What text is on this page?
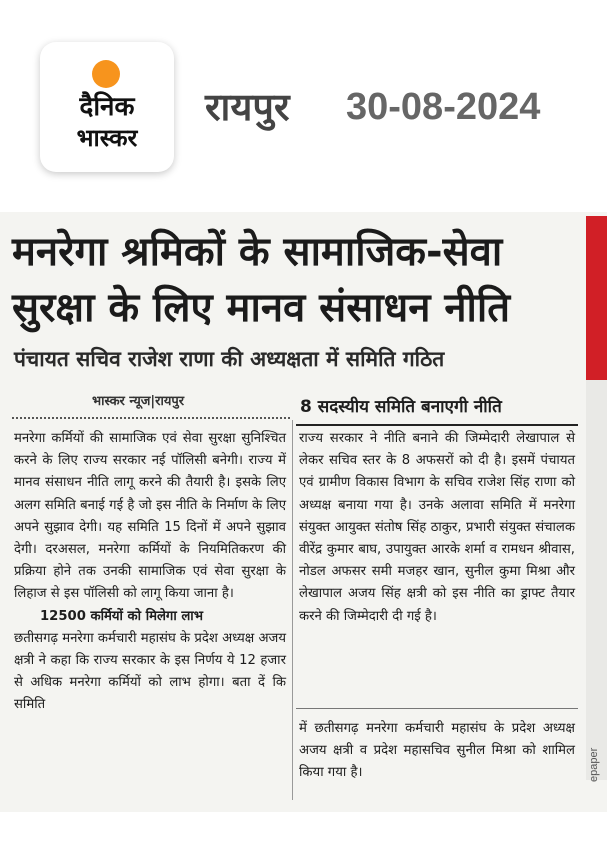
दैनिक
भास्कर
रायपुर 30-08-2024
epaper
मनरेगा श्रमिकों के सामाजिक-सेवा
सुरक्षा के लिए मानव संसाधन नीति
पंचायत सचिव राजेश राणा की अध्यक्षता में समिति गठित
भास्कर न्यूज|रायपुर	8 सदस्यीय समिति बनाएगी नीति

मनरेगा कर्मियों की सामाजिक एवं सेवा सुरक्षा सुनिश्चित करने के लिए राज्य सरकार नई पॉलिसी बनेगी। राज्य में मानव संसाधन नीति लागू करने की तैयारी है। इसके लिए अलग समिति बनाई गई है जो इस नीति के निर्माण के लिए अपने सुझाव देगी। यह समिति 15 दिनों में अपने सुझाव देगी। दरअसल, मनरेगा कर्मियों के नियमितिकरण की प्रक्रिया होने तक उनकी सामाजिक एवं सेवा सुरक्षा के लिहाज से इस पॉलिसी को लागू किया जाना है।

12500 कर्मियों को मिलेगा लाभ

छतीसगढ़ मनरेगा कर्मचारी महासंघ के प्रदेश अध्यक्ष अजय क्षत्री ने कहा कि राज्य सरकार के इस निर्णय ये 12 हजार से अधिक मनरेगा कर्मियों को लाभ होगा। बता दें कि समिति

राज्य सरकार ने नीति बनाने की जिम्मेदारी लेखापाल से लेकर सचिव स्तर के 8 अफसरों को दी है। इसमें पंचायत एवं ग्रामीण विकास विभाग के सचिव राजेश सिंह राणा को अध्यक्ष बनाया गया है। उनके अलावा समिति में मनरेगा संयुक्त आयुक्त संतोष सिंह ठाकुर, प्रभारी संयुक्त संचालक वीरेंद्र कुमार बाघ, उपायुक्त आरके शर्मा व रामधन श्रीवास, नोडल अफसर समी मजहर खान, सुनील कुमा मिश्रा और लेखापाल अजय सिंह क्षत्री को इस नीति का ड्राफ्ट तैयार करने की जिम्मेदारी दी गई है।

में छतीसगढ़ मनरेगा कर्मचारी महासंघ के प्रदेश अध्यक्ष अजय क्षत्री व प्रदेश महासचिव सुनील मिश्रा को शामिल किया गया है।
